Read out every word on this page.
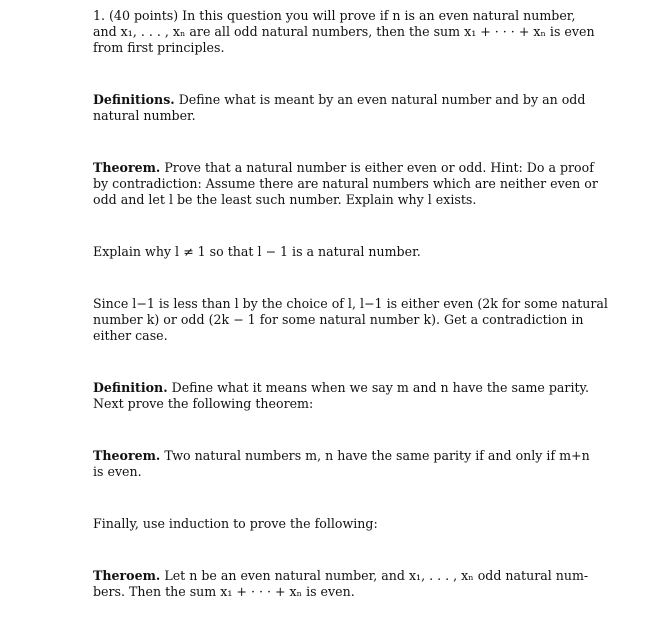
1. (40 points) In this question you will prove if n is an even natural number,
and x₁, . . . , xₙ are all odd natural numbers, then the sum x₁ + · · · + xₙ is even
from first principles.

Definitions. Define what is meant by an even natural number and by an odd
natural number.

Theorem. Prove that a natural number is either even or odd. Hint: Do a proof
by contradiction: Assume there are natural numbers which are neither even or
odd and let l be the least such number. Explain why l exists.

Explain why l ≠ 1 so that l − 1 is a natural number.

Since l−1 is less than l by the choice of l, l−1 is either even (2k for some natural
number k) or odd (2k − 1 for some natural number k). Get a contradiction in
either case.

Definition. Define what it means when we say m and n have the same parity.
Next prove the following theorem:

Theorem. Two natural numbers m, n have the same parity if and only if m+n
is even.

Finally, use induction to prove the following:

Theroem. Let n be an even natural number, and x₁, . . . , xₙ odd natural num-
bers. Then the sum x₁ + · · · + xₙ is even.
